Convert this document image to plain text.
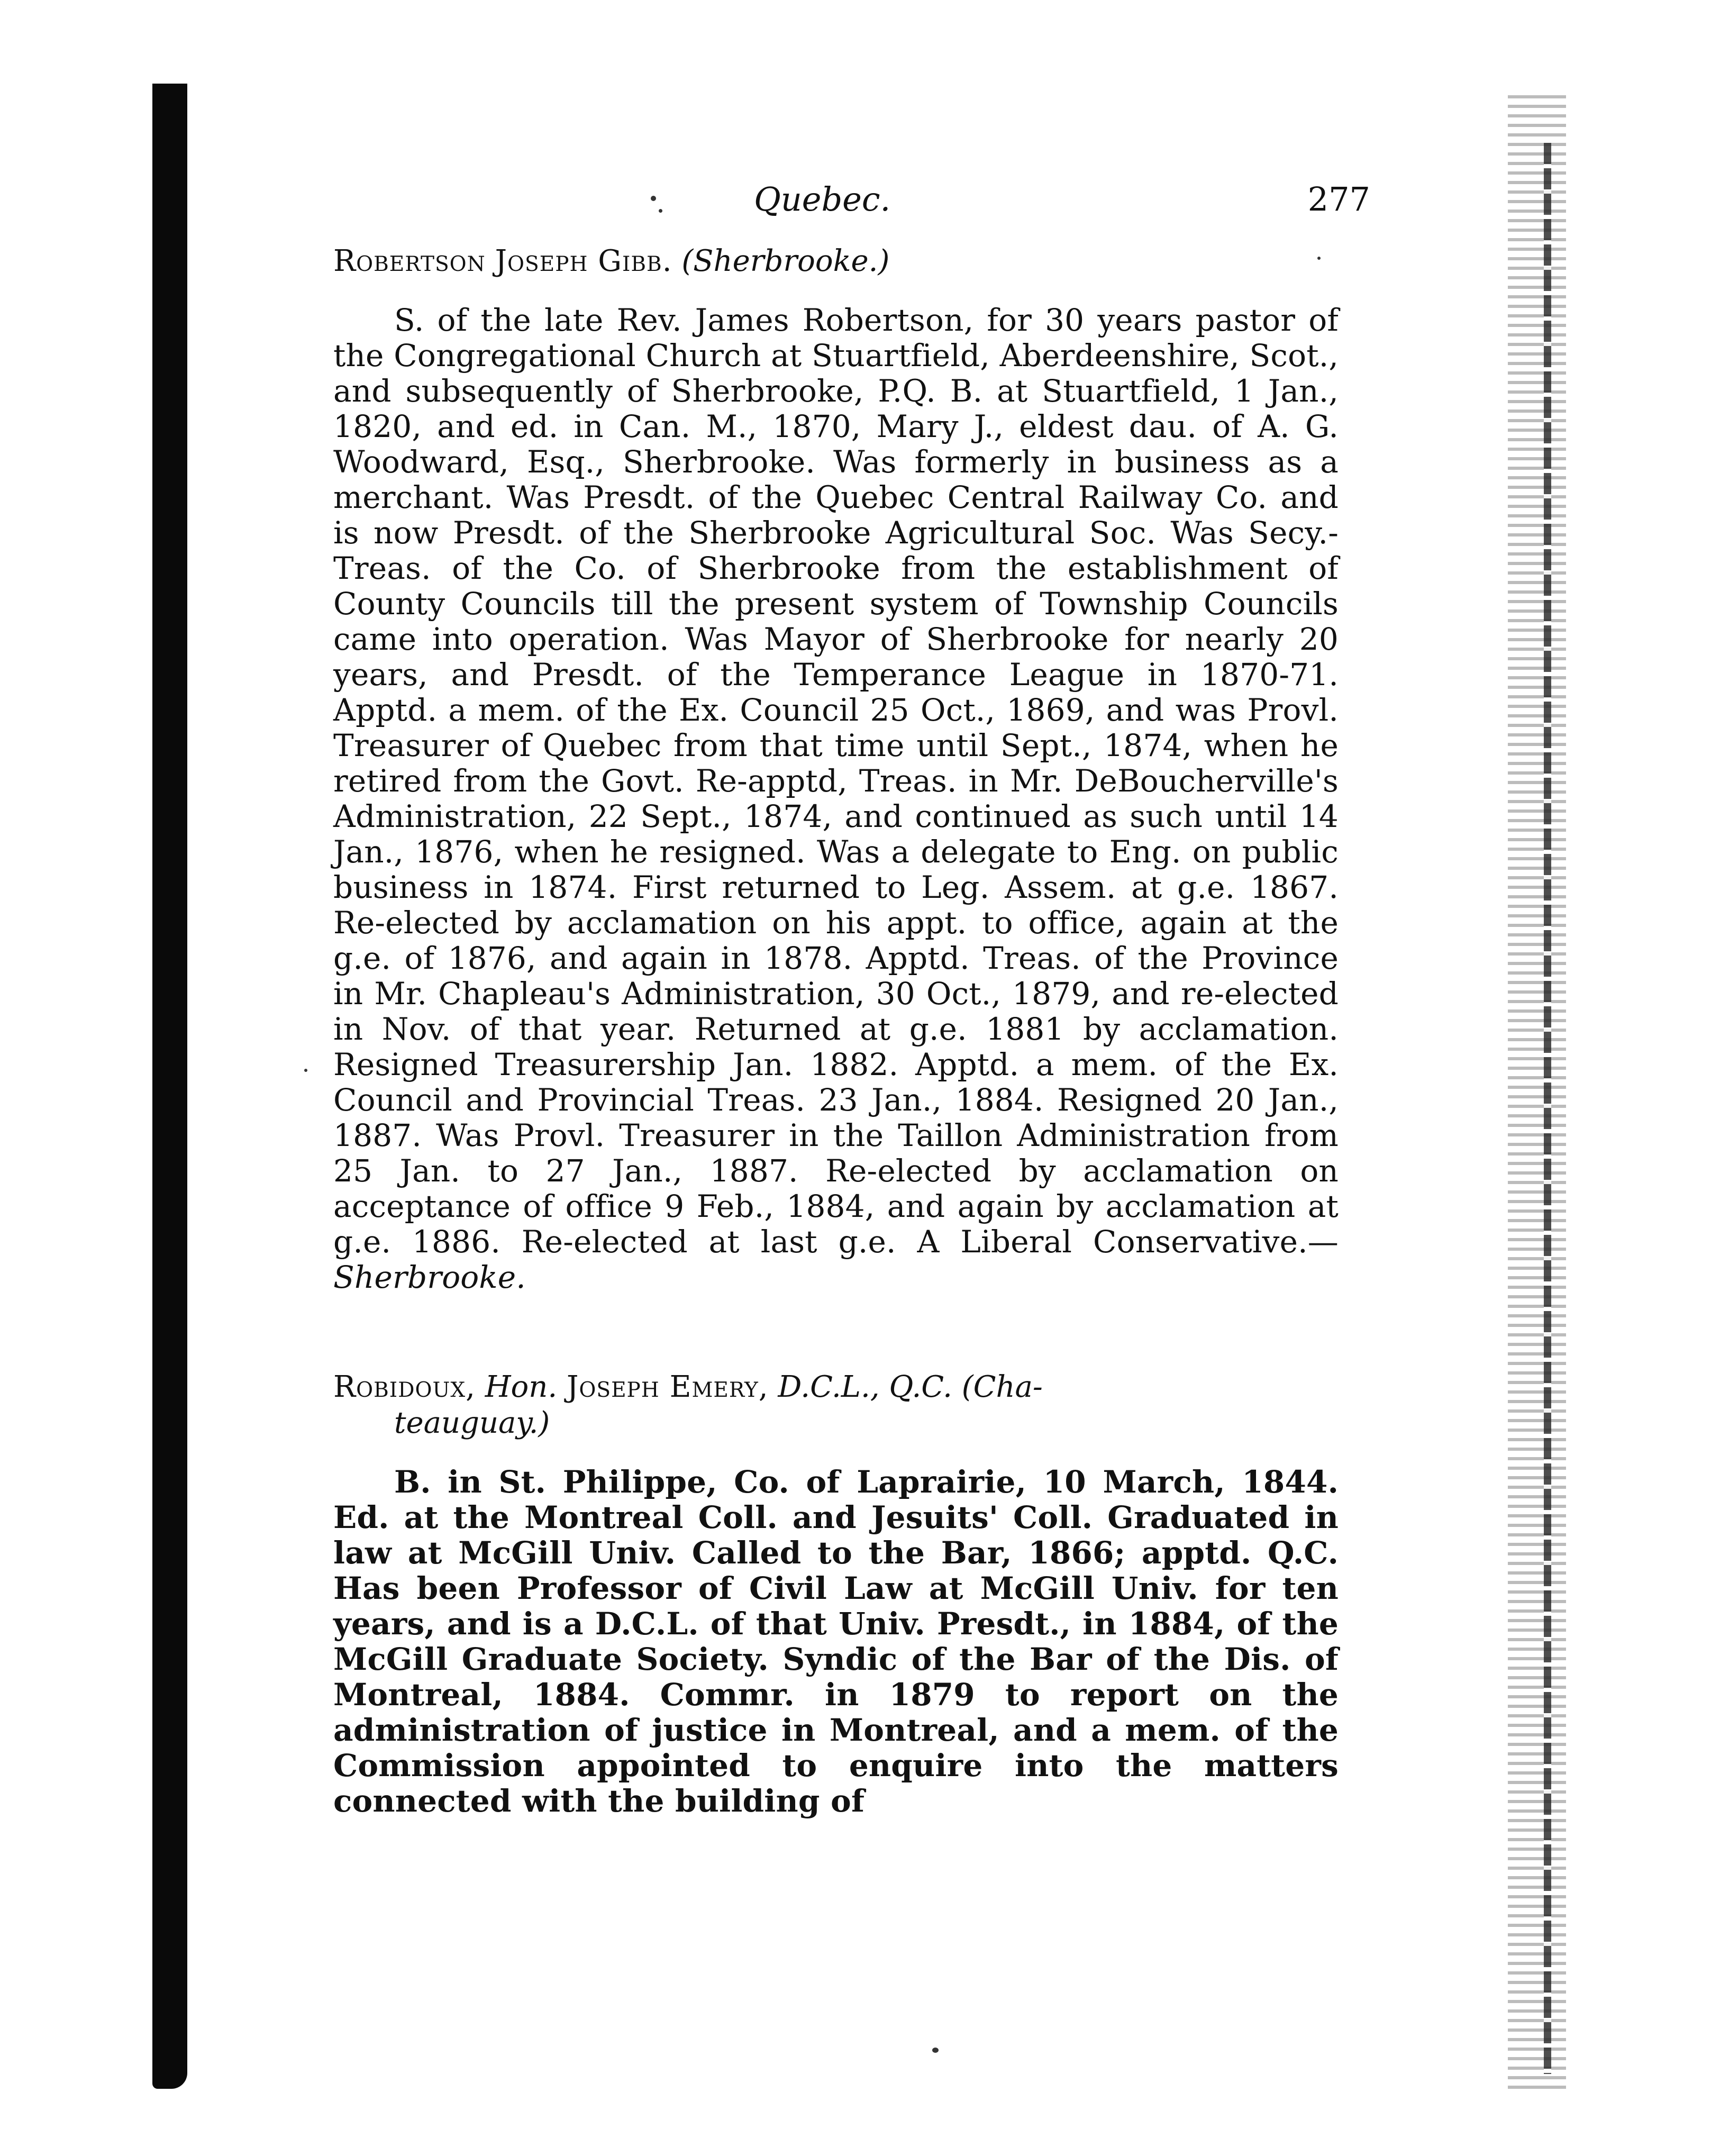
Quebec.	277
Robertson Joseph Gibb. (Sherbrooke.)

S. of the late Rev. James Robertson, for 30 years pastor of the Congregational Church at Stuartfield, Aberdeenshire, Scot., and subsequently of Sherbrooke, P.Q. B. at Stuartfield, 1 Jan., 1820, and ed. in Can. M., 1870, Mary J., eldest dau. of A. G. Woodward, Esq., Sherbrooke. Was formerly in business as a merchant. Was Presdt. of the Quebec Central Railway Co. and is now Presdt. of the Sherbrooke Agricultural Soc. Was Secy.-Treas. of the Co. of Sherbrooke from the establishment of County Councils till the present system of Township Councils came into operation. Was Mayor of Sherbrooke for nearly 20 years, and Presdt. of the Temperance League in 1870-71. Apptd. a mem. of the Ex. Council 25 Oct., 1869, and was Provl. Treasurer of Quebec from that time until Sept., 1874, when he retired from the Govt. Re-apptd, Treas. in Mr. DeBoucherville's Administration, 22 Sept., 1874, and continued as such until 14 Jan., 1876, when he resigned. Was a delegate to Eng. on public business in 1874. First returned to Leg. Assem. at g.e. 1867. Re-elected by acclamation on his appt. to office, again at the g.e. of 1876, and again in 1878. Apptd. Treas. of the Province in Mr. Chapleau's Administration, 30 Oct., 1879, and re-elected in Nov. of that year. Returned at g.e. 1881 by acclamation. Resigned Treasurership Jan. 1882. Apptd. a mem. of the Ex. Council and Provincial Treas. 23 Jan., 1884. Resigned 20 Jan., 1887. Was Provl. Treasurer in the Taillon Administration from 25 Jan. to 27 Jan., 1887. Re-elected by acclamation on acceptance of office 9 Feb., 1884, and again by acclamation at g.e. 1886. Re-elected at last g.e. A Liberal Conservative.— Sherbrooke.

Robidoux, Hon. Joseph Emery, D.C.L., Q.C. (Cha-
teauguay.)

B. in St. Philippe, Co. of Laprairie, 10 March, 1844. Ed. at the Montreal Coll. and Jesuits' Coll. Graduated in law at McGill Univ. Called to the Bar, 1866; apptd. Q.C. Has been Professor of Civil Law at McGill Univ. for ten years, and is a D.C.L. of that Univ. Presdt., in 1884, of the McGill Graduate Society. Syndic of the Bar of the Dis. of Montreal, 1884. Commr. in 1879 to report on the administration of justice in Montreal, and a mem. of the Commission appointed to enquire into the matters connected with the building of
